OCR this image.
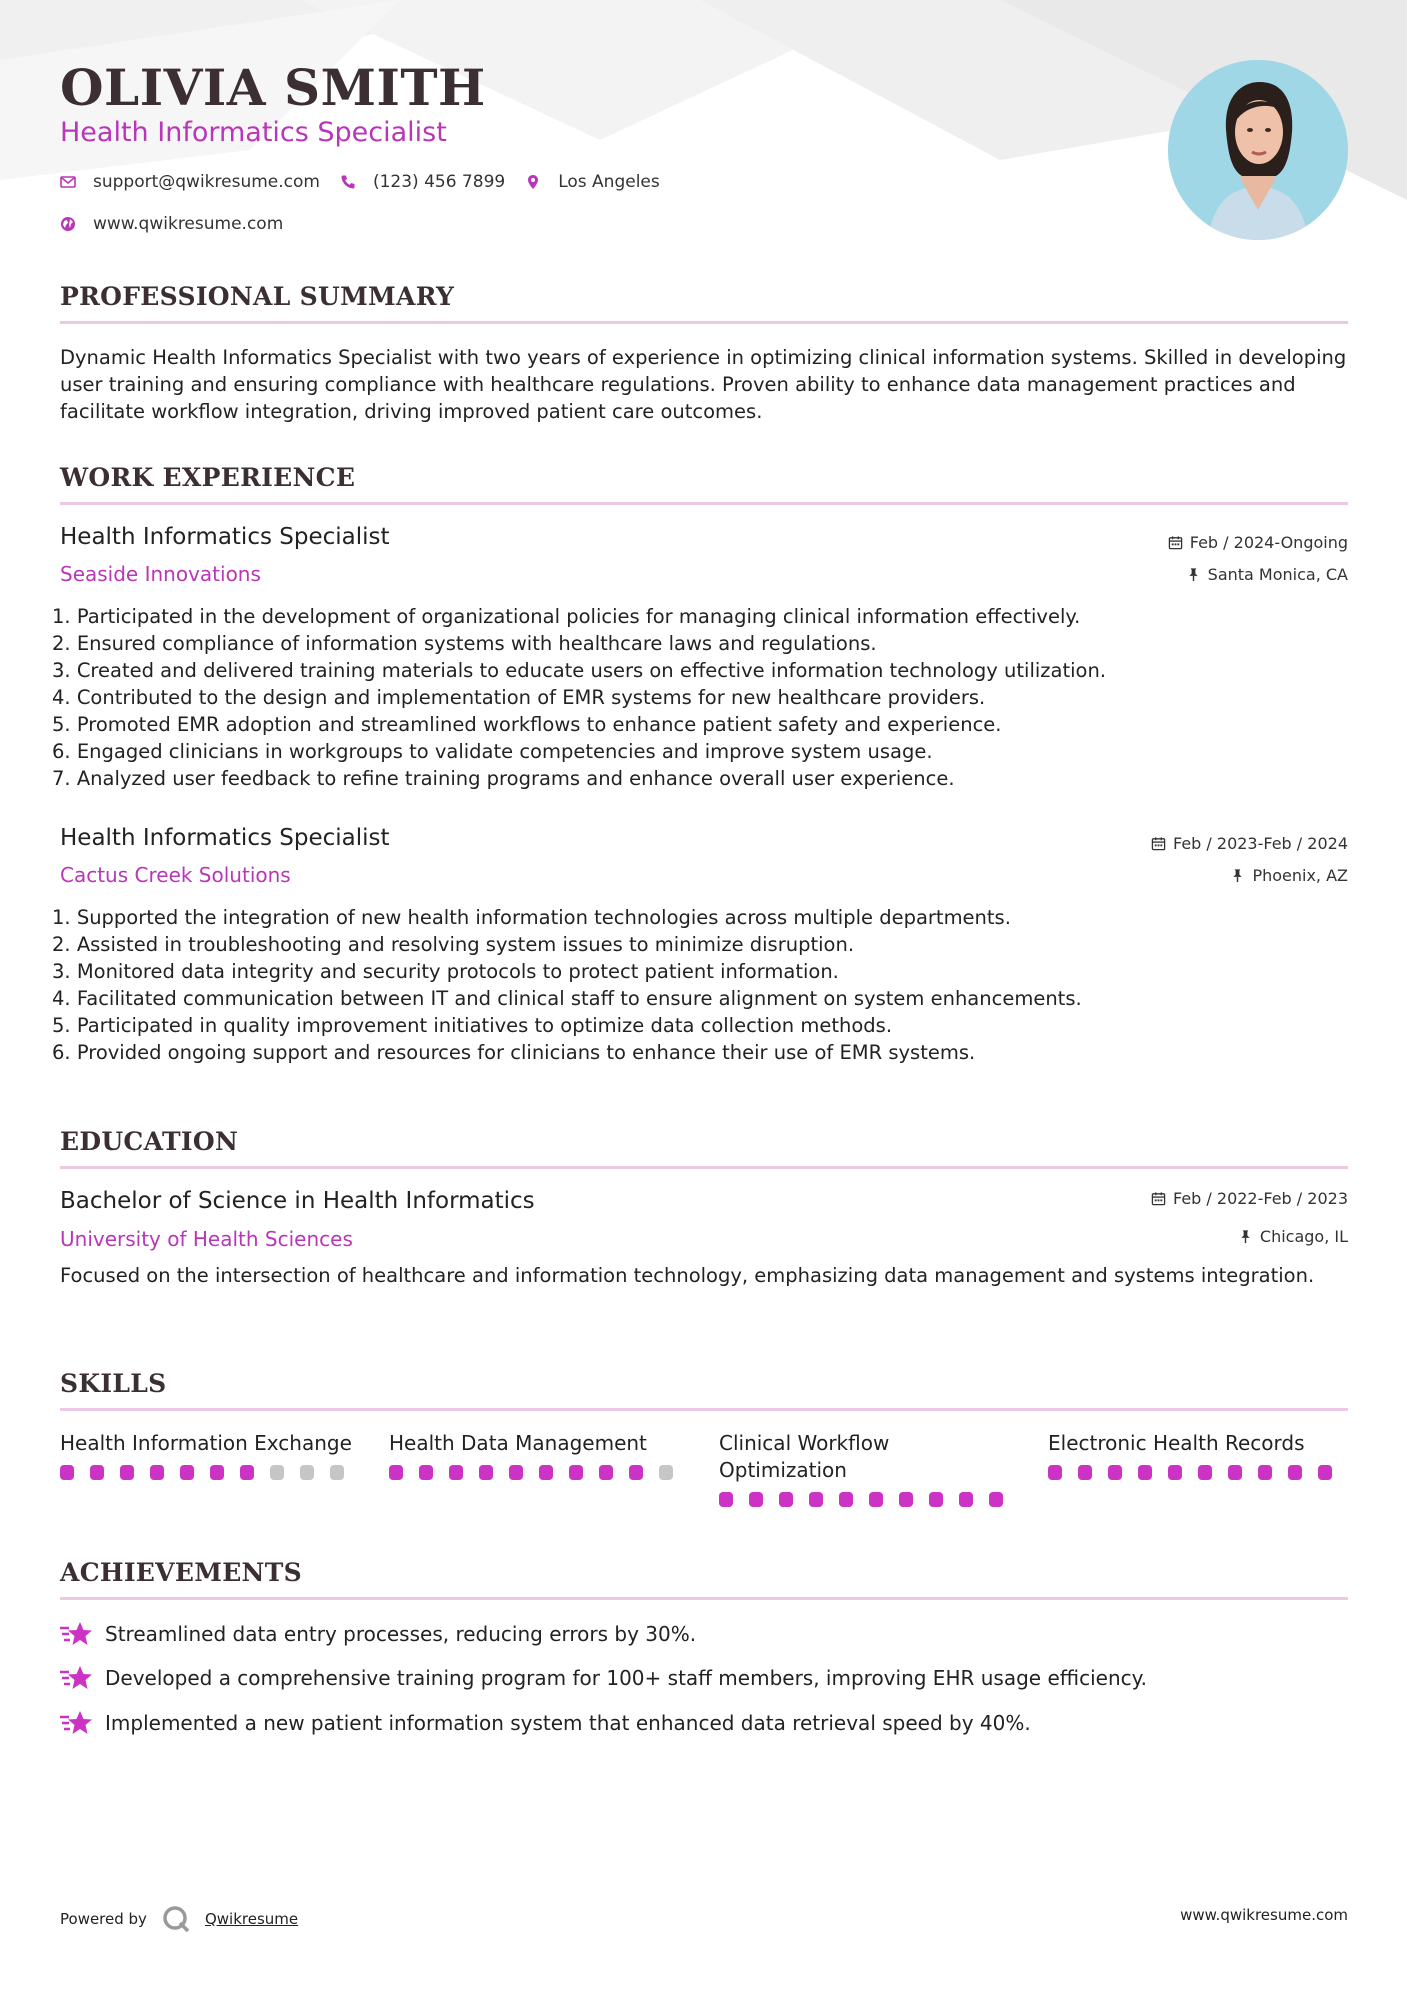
OLIVIA SMITH
Health Informatics Specialist
support@qwikresume.com	(123) 456 7899	Los Angeles
www.qwikresume.com
PROFESSIONAL SUMMARY

Dynamic Health Informatics Specialist with two years of experience in optimizing clinical information systems. Skilled in developing user training and ensuring compliance with healthcare regulations. Proven ability to enhance data management practices and facilitate workflow integration, driving improved patient care outcomes.

WORK EXPERIENCE
Health Informatics Specialist
Seaside Innovations
Feb / 2024-Ongoing
Santa Monica, CA
1. Participated in the development of organizational policies for managing clinical information effectively.
2. Ensured compliance of information systems with healthcare laws and regulations.
3. Created and delivered training materials to educate users on effective information technology utilization.
4. Contributed to the design and implementation of EMR systems for new healthcare providers.
5. Promoted EMR adoption and streamlined workflows to enhance patient safety and experience.
6. Engaged clinicians in workgroups to validate competencies and improve system usage.
7. Analyzed user feedback to refine training programs and enhance overall user experience.
Health Informatics Specialist
Cactus Creek Solutions
Feb / 2023-Feb / 2024
Phoenix, AZ
1. Supported the integration of new health information technologies across multiple departments.
2. Assisted in troubleshooting and resolving system issues to minimize disruption.
3. Monitored data integrity and security protocols to protect patient information.
4. Facilitated communication between IT and clinical staff to ensure alignment on system enhancements.
5. Participated in quality improvement initiatives to optimize data collection methods.
6. Provided ongoing support and resources for clinicians to enhance their use of EMR systems.
EDUCATION
Bachelor of Science in Health Informatics
University of Health Sciences
Feb / 2022-Feb / 2023
Chicago, IL

Focused on the intersection of healthcare and information technology, emphasizing data management and systems integration.

SKILLS
Health Information Exchange	Health Data Management	Clinical Workflow Optimization
Electronic Health Records
ACHIEVEMENTS
Streamlined data entry processes, reducing errors by 30%.
Developed a comprehensive training program for 100+ staff members, improving EHR usage efficiency.
Implemented a new patient information system that enhanced data retrieval speed by 40%.
Powered by	Qwikresume	www.qwikresume.com
